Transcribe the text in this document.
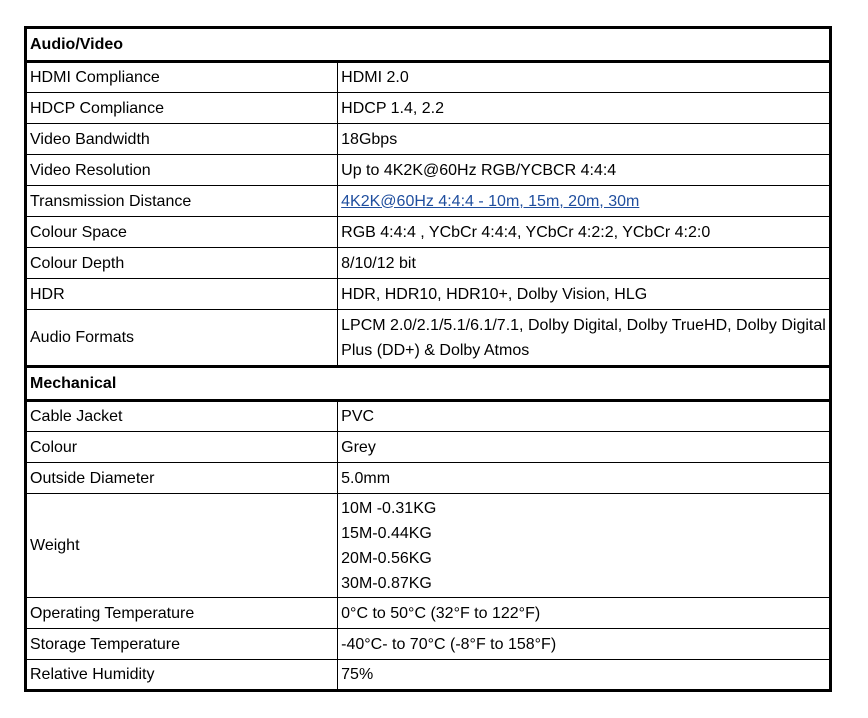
Audio/Video	
HDMI Compliance	HDMI 2.0
HDCP Compliance	HDCP 1.4, 2.2
Video Bandwidth	18Gbps
Video Resolution	Up to 4K2K@60Hz RGB/YCBCR 4:4:4
Transmission Distance	4K2K@60Hz 4:4:4 - 10m, 15m, 20m, 30m
Colour Space	RGB 4:4:4 , YCbCr 4:4:4, YCbCr 4:2:2, YCbCr 4:2:0
Colour Depth	8/10/12 bit
HDR	HDR, HDR10, HDR10+, Dolby Vision, HLG
Audio Formats	LPCM 2.0/2.1/5.1/6.1/7.1, Dolby Digital, Dolby TrueHD, Dolby Digital Plus (DD+) & Dolby Atmos
Mechanical	
Cable Jacket	PVC
Colour	Grey
Outside Diameter	5.0mm
Weight	10M -0.31KG
15M-0.44KG
20M-0.56KG
30M-0.87KG

Operating Temperature	0°C to 50°C (32°F to 122°F)
Storage Temperature	-40°C- to 70°C (-8°F to 158°F)
Relative Humidity	75%
